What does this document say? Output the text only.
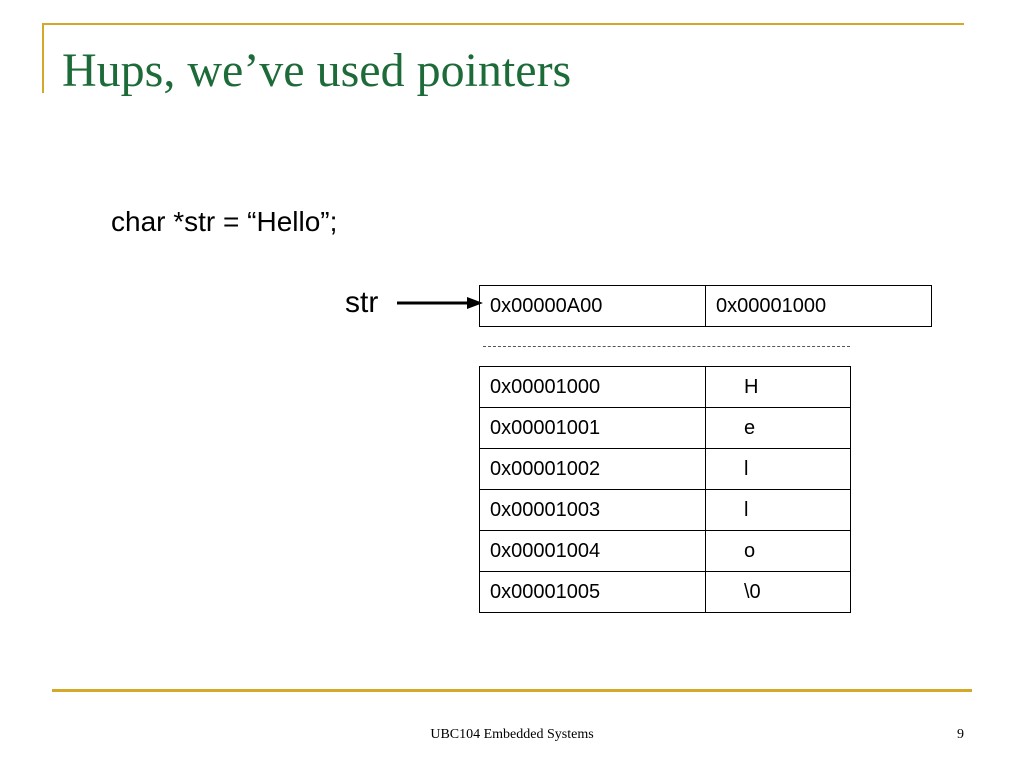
Hups, we’ve used pointers
char *str = “Hello”;
str	0x00000A00	0x00001000
0x00001000	H
0x00001001	e
0x00001002	l
0x00001003	l
0x00001004	o
0x00001005	\0
UBC104 Embedded Systems	9
